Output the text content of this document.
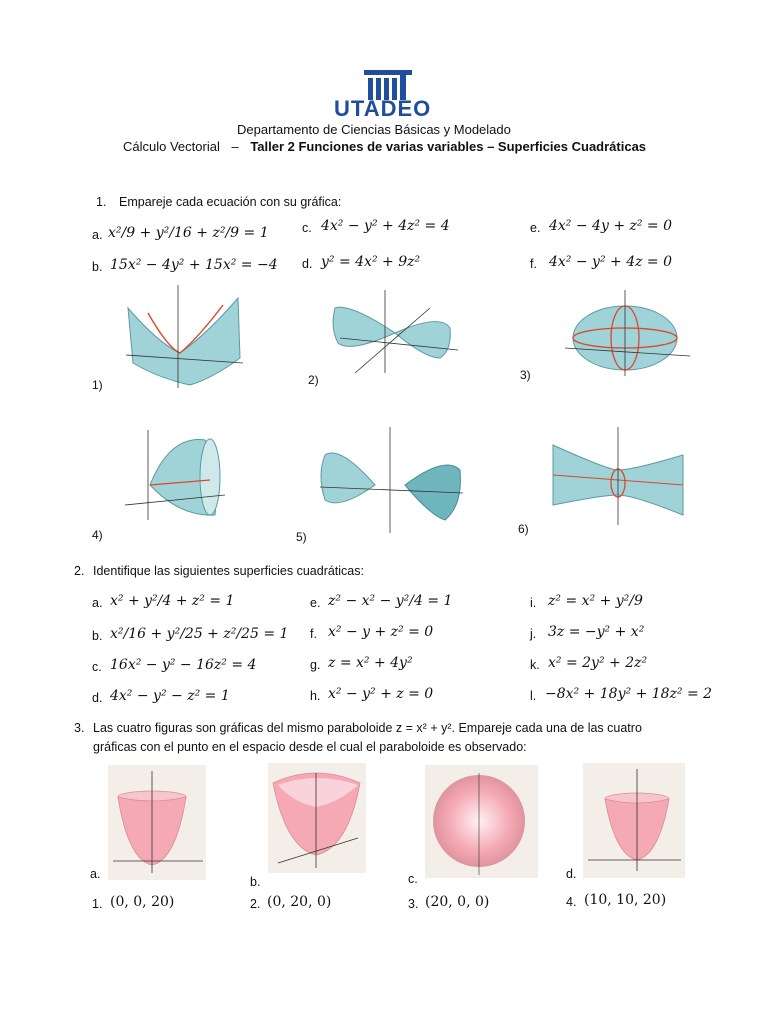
UTADEO
Departamento de Ciencias Básicas y Modelado
Cálculo Vectorial – Taller 2 Funciones de varias variables – Superficies Cuadráticas
1. Empareje cada ecuación con su gráfica:
a. x²/9 + y²/16 + z²/9 = 1
b. 15x² − 4y² + 15x² = −4
c. 4x² − y² + 4z² = 4
d. y² = 4x² + 9z²
e. 4x² − 4y + z² = 0
f. 4x² − y² + 4z = 0
1)	2)	3)
4)	5)
6)
2. Identifique las siguientes superficies cuadráticas:
a. x² + y²/4 + z² = 1
b. x²/16 + y²/25 + z²/25 = 1
c. 16x² − y² − 16z² = 4
d. 4x² − y² − z² = 1
e. z² − x² − y²/4 = 1
f. x² − y + z² = 0
g. z = x² + 4y²
h. x² − y² + z = 0
i. z² = x² + y²/9
j. 3z = −y² + x²
k. x² = 2y² + 2z²
l. −8x² + 18y² + 18z² = 2
3. Las cuatro figuras son gráficas del mismo paraboloide z = x² + y². Empareje cada una de las cuatro
gráficas con el punto en el espacio desde el cual el paraboloide es observado:
a.
b.	c.	d.
1. (0, 0, 20)	2. (0, 20, 0)	3. (20, 0, 0)	4. (10, 10, 20)
